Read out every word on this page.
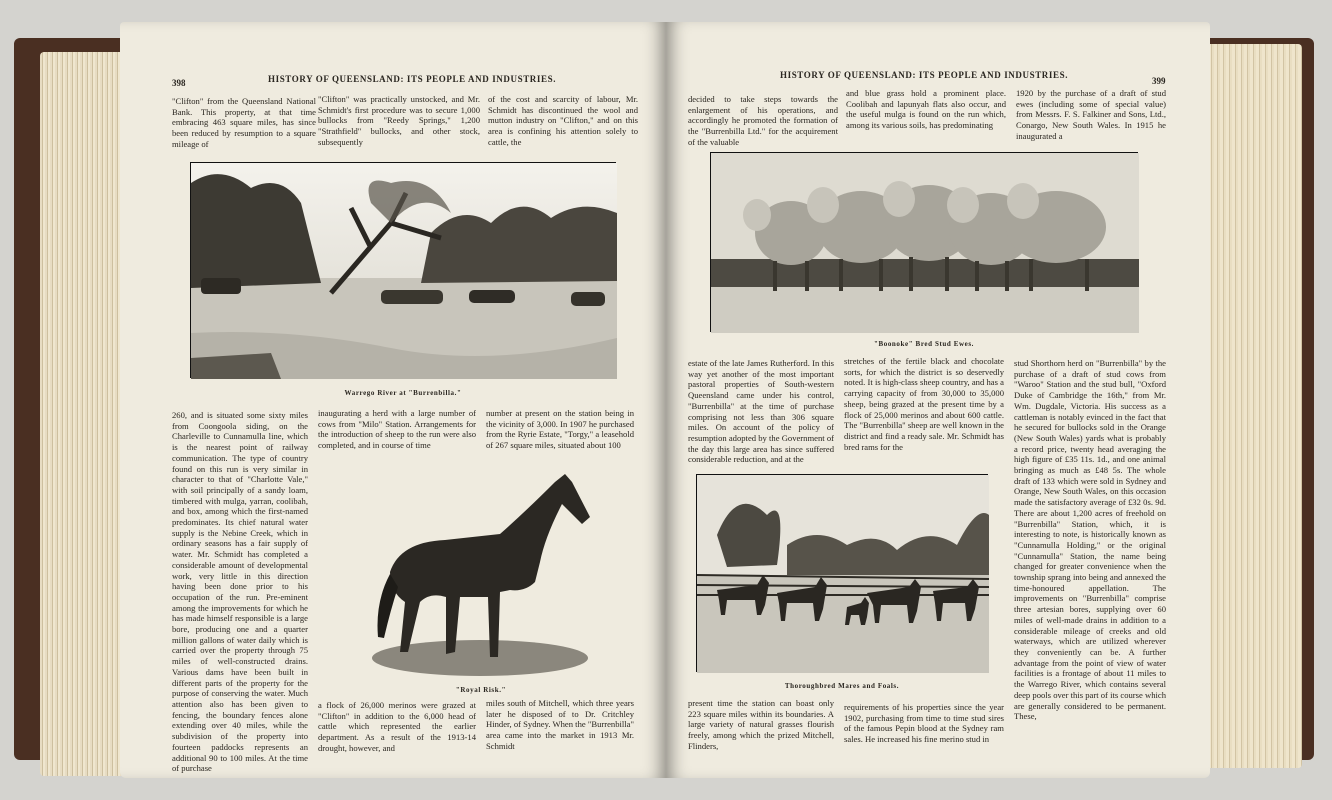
398	HISTORY OF QUEENSLAND: ITS PEOPLE AND INDUSTRIES.
"Clifton" from the Queensland National Bank. This property, at that time embracing 463 square miles, has since been reduced by resumption to a square mileage of
"Clifton" was practically unstocked, and Mr. Schmidt's first procedure was to secure 1,000 bullocks from "Reedy Springs," 1,200 "Strathfield" bullocks, and other stock, subsequently
of the cost and scarcity of labour, Mr. Schmidt has discontinued the wool and mutton industry on "Clifton," and on this area is confining his attention solely to cattle, the
Warrego River at "Burrenbilla."
260, and is situated some sixty miles from Coongoola siding, on the Charleville to Cunnamulla line, which is the nearest point of railway communication. The type of country found on this run is very similar in character to that of "Charlotte Vale," with soil principally of a sandy loam, timbered with mulga, yarran, coolibah, and box, among which the first-named predominates. Its chief natural water supply is the Nebine Creek, which in ordinary seasons has a fair supply of water. Mr. Schmidt has completed a considerable amount of developmental work, very little in this direction having been done prior to his occupation of the run. Pre-eminent among the improvements for which he has made himself responsible is a large bore, producing one and a quarter million gallons of water daily which is carried over the property through 75 miles of well-constructed drains. Various dams have been built in different parts of the property for the purpose of conserving the water. Much attention also has been given to fencing, the boundary fences alone extending over 40 miles, while the subdivision of the property into fourteen paddocks represents an additional 90 to 100 miles. At the time of purchase
inaugurating a herd with a large number of cows from "Milo" Station. Arrangements for the introduction of sheep to the run were also completed, and in course of time
number at present on the station being in the vicinity of 3,000. In 1907 he purchased from the Ryrie Estate, "Torgy," a leasehold of 267 square miles, situated about 100
"Royal Risk."
a flock of 26,000 merinos were grazed at "Clifton" in addition to the 6,000 head of cattle which represented the earlier department. As a result of the 1913-14 drought, however, and
miles south of Mitchell, which three years later he disposed of to Dr. Critchley Hinder, of Sydney. When the "Burrenbilla" area came into the market in 1913 Mr. Schmidt
HISTORY OF QUEENSLAND: ITS PEOPLE AND INDUSTRIES.
399
decided to take steps towards the enlargement of his operations, and accordingly he promoted the formation of the "Burrenbilla Ltd." for the acquirement of the valuable
and blue grass hold a prominent place. Coolibah and lapunyah flats also occur, and the useful mulga is found on the run which, among its various soils, has predominating
1920 by the purchase of a draft of stud ewes (including some of special value) from Messrs. F. S. Falkiner and Sons, Ltd., Conargo, New South Wales. In 1915 he inaugurated a
"Boonoke" Bred Stud Ewes.
estate of the late James Rutherford. In this way yet another of the most important pastoral properties of South-western Queensland came under his control, "Burrenbilla" at the time of purchase comprising not less than 306 square miles. On account of the policy of resumption adopted by the Government of the day this large area has since suffered considerable reduction, and at the
stretches of the fertile black and chocolate sorts, for which the district is so deservedly noted. It is high-class sheep country, and has a carrying capacity of from 30,000 to 35,000 sheep, being grazed at the present time by a flock of 25,000 merinos and about 600 cattle. The "Burrenbilla" sheep are well known in the district and find a ready sale. Mr. Schmidt has bred rams for the
stud Shorthorn herd on "Burrenbilla" by the purchase of a draft of stud cows from "Waroo" Station and the stud bull, "Oxford Duke of Cambridge the 16th," from Mr. Wm. Dugdale, Victoria. His success as a cattleman is notably evinced in the fact that he secured for bullocks sold in the Orange (New South Wales) yards what is probably a record price, twenty head averaging the high figure of £35 11s. 1d., and one animal bringing as much as £48 5s. The whole draft of 133 which were sold in Sydney and Orange, New South Wales, on this occasion made the satisfactory average of £32 0s. 9d. There are about 1,200 acres of freehold on "Burrenbilla" Station, which, it is interesting to note, is historically known as "Cunnamulla Holding," or the original "Cunnamulla" Station, the name being changed for greater convenience when the township sprang into being and annexed the time-honoured appellation. The improvements on "Burrenbilla" comprise three artesian bores, supplying over 60 miles of well-made drains in addition to a considerable mileage of creeks and old waterways, which are utilized wherever they conveniently can be. A further advantage from the point of view of water facilities is a frontage of about 11 miles to the Warrego River, which contains several deep pools over this part of its course which are generally considered to be permanent. These,
Thoroughbred Mares and Foals.
present time the station can boast only 223 square miles within its boundaries. A large variety of natural grasses flourish freely, among which the prized Mitchell, Flinders,
requirements of his properties since the year 1902, purchasing from time to time stud sires of the famous Pepin blood at the Sydney ram sales. He increased his fine merino stud in
